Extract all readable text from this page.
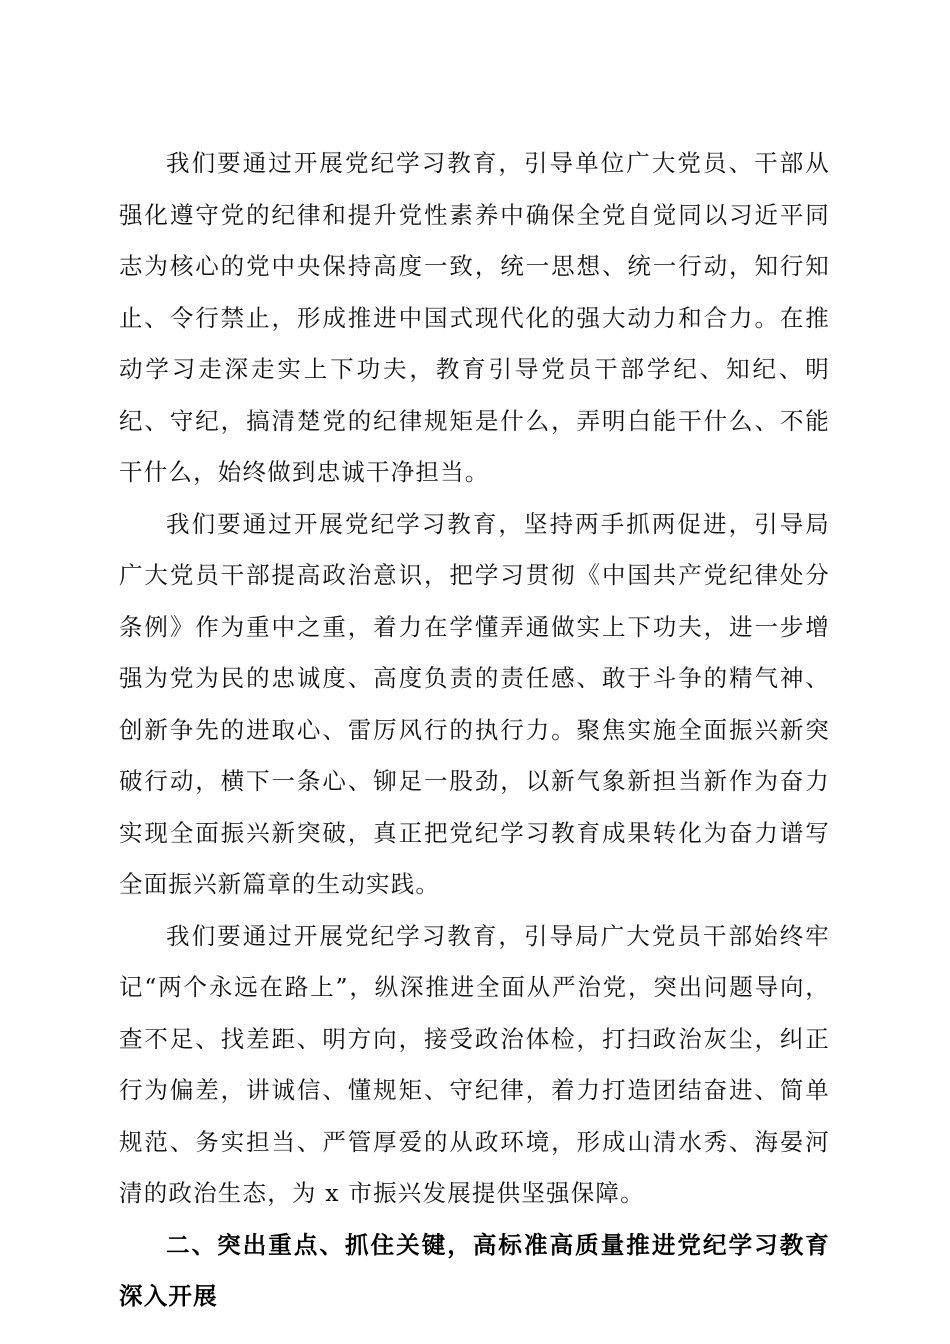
我们要通过开展党纪学习教育，引导单位广大党员、干部从强化遵守党的纪律和提升党性素养中确保全党自觉同以习近平同志为核心的党中央保持高度一致，统一思想、统一行动，知行知止、令行禁止，形成推进中国式现代化的强大动力和合力。在推动学习走深走实上下功夫，教育引导党员干部学纪、知纪、明纪、守纪，搞清楚党的纪律规矩是什么，弄明白能干什么、不能干什么，始终做到忠诚干净担当。

我们要通过开展党纪学习教育，坚持两手抓两促进，引导局广大党员干部提高政治意识，把学习贯彻《中国共产党纪律处分条例》作为重中之重，着力在学懂弄通做实上下功夫，进一步增强为党为民的忠诚度、高度负责的责任感、敢于斗争的精气神、创新争先的进取心、雷厉风行的执行力。聚焦实施全面振兴新突破行动，横下一条心、铆足一股劲，以新气象新担当新作为奋力实现全面振兴新突破，真正把党纪学习教育成果转化为奋力谱写全面振兴新篇章的生动实践。

我们要通过开展党纪学习教育，引导局广大党员干部始终牢记“两个永远在路上”，纵深推进全面从严治党，突出问题导向，查不足、找差距、明方向，接受政治体检，打扫政治灰尘，纠正行为偏差，讲诚信、懂规矩、守纪律，着力打造团结奋进、简单规范、务实担当、严管厚爱的从政环境，形成山清水秀、海晏河清的政治生态，为 x 市振兴发展提供坚强保障。

二、突出重点、抓住关键，高标准高质量推进党纪学习教育深入开展
